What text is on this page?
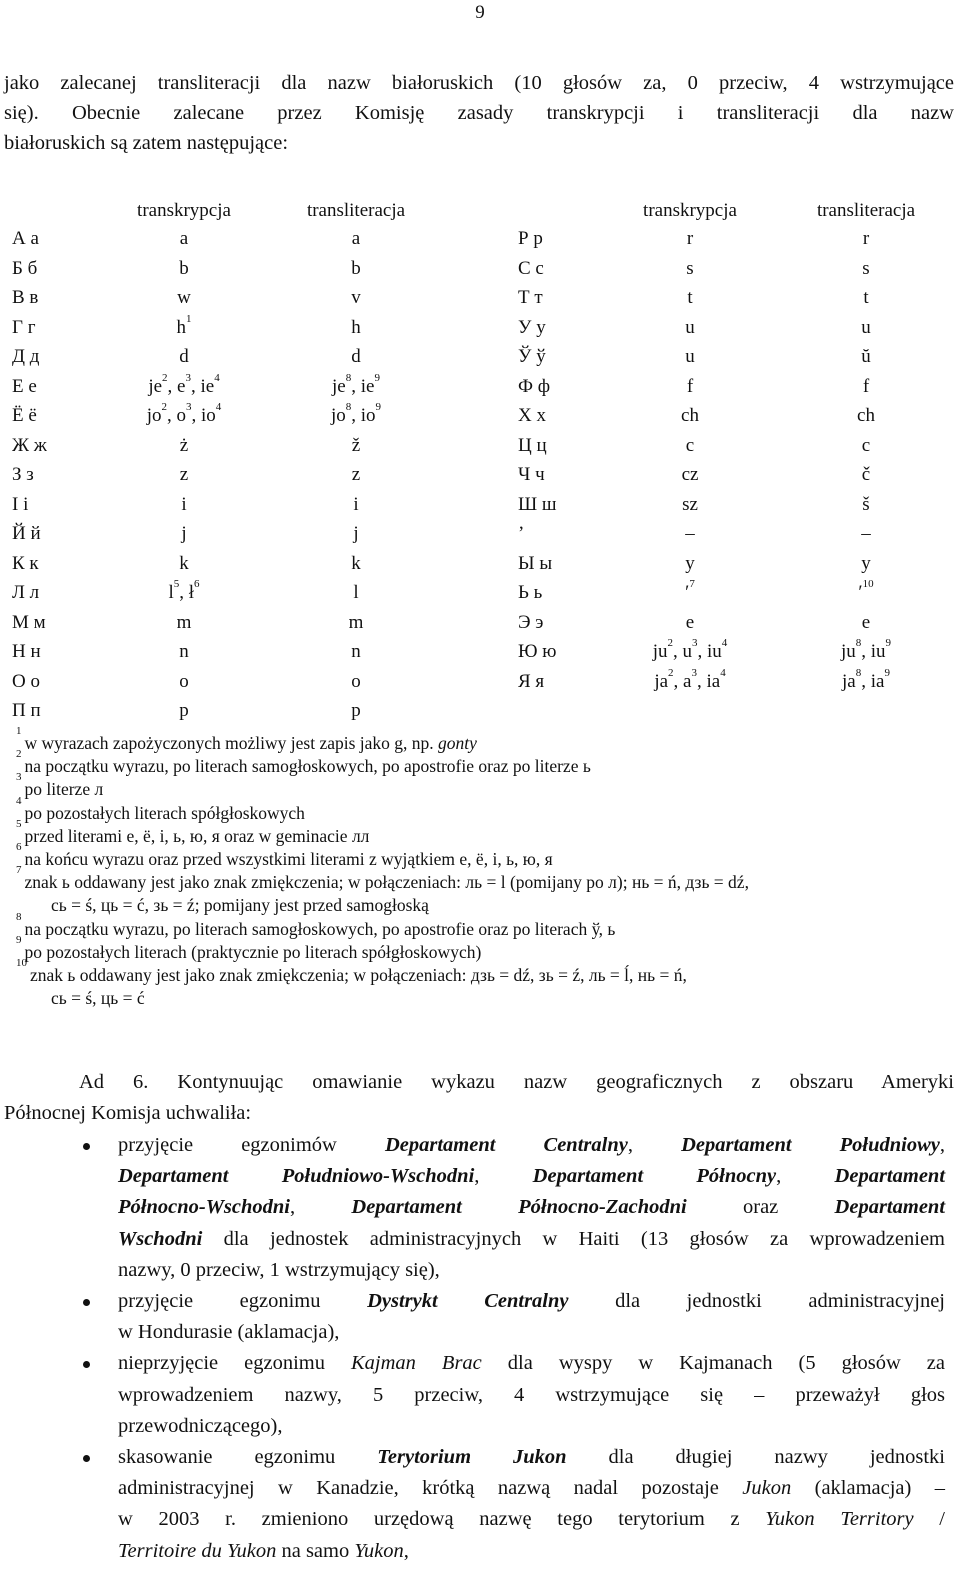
9
jako zalecanej transliteracji dla nazw białoruskich (10 głosów za, 0 przeciw, 4 wstrzymujące
się). Obecnie zalecane przez Komisję zasady transkrypcji i transliteracji dla nazw
białoruskich są zatem następujące:
transkrypcja	transliteracja	transkrypcja	transliteracja
А а	a	a	Р р	r	r
Б б	b	b	С с	s	s
В в	w	v	Т т	t	t
Г г	$h^1$	h	У у	u	u
Д д	d	d	Ў ў	u	ŭ
Е е	$je^2$, $e^3$, $ie^4$	$je^8$, $ie^9$	Ф ф	f	f
Ё ё	$jo^2$, $o^3$, $io^4$	$jo^8$, $io^9$	Х х	ch	ch
Ж ж	ż	ž	Ц ц	c	c
З з	z	z	Ч ч	cz	č
І і	i	i	Ш ш	sz	š
Й й	j	j	’	–	–
К к	k	k	Ы ы	y	y
Л л	$l^5$, $ł^6$	l	Ь ь	ʹ$^7$	ʹ$^{10}$
М м	m	m	Э э	e	e
Н н	n	n	Ю ю	$ju^2$, $u^3$, $iu^4$	$ju^8$, $iu^9$
О о	o	o	Я я	$ja^2$, $a^3$, $ia^4$	$ja^8$, $ia^9$
П п	p	p
$^1$w wyrazach zapożyczonych możliwy jest zapis jako g, np. gonty
$^2$na początku wyrazu, po literach samogłoskowych, po apostrofie oraz po literze ь
$^3$po literze л
$^4$po pozostałych literach spółgłoskowych
$^5$przed literami е, ё, і, ь, ю, я oraz w geminacie лл
$^6$na końcu wyrazu oraz przed wszystkimi literami z wyjątkiem е, ё, і, ь, ю, я
$^7$znak ь oddawany jest jako znak zmiękczenia; w połączeniach: ль = l (pomijany po л); нь = ń, дзь = dź,
сь = ś, ць = ć, зь = ź; pomijany jest przed samogłoską
$^8$na początku wyrazu, po literach samogłoskowych, po apostrofie oraz po literach ў, ь
$^9$po pozostałych literach (praktycznie po literach spółgłoskowych)
$^{10}$znak ь oddawany jest jako znak zmiękczenia; w połączeniach: дзь = dź, зь = ź, ль = ĺ, нь = ń,
сь = ś, ць = ć
Ad 6. Kontynuując omawianie wykazu nazw geograficznych z obszaru Ameryki
Północnej Komisja uchwaliła:
przyjęcie egzonimów Departament Centralny, Departament Południowy,
Departament Południowo-Wschodni, Departament Północny, Departament
Północno-Wschodni, Departament Północno-Zachodni oraz Departament
Wschodni dla jednostek administracyjnych w Haiti (13 głosów za wprowadzeniem
nazwy, 0 przeciw, 1 wstrzymujący się),
przyjęcie egzonimu Dystrykt Centralny dla jednostki administracyjnej
w Hondurasie (aklamacja),
nieprzyjęcie egzonimu Kajman Brac dla wyspy w Kajmanach (5 głosów za
wprowadzeniem nazwy, 5 przeciw, 4 wstrzymujące się – przeważył głos
przewodniczącego),
skasowanie egzonimu Terytorium Jukon dla długiej nazwy jednostki
administracyjnej w Kanadzie, krótką nazwą nadal pozostaje Jukon (aklamacja) –
w 2003 r. zmieniono urzędową nazwę tego terytorium z Yukon Territory /
Territoire du Yukon na samo Yukon,
